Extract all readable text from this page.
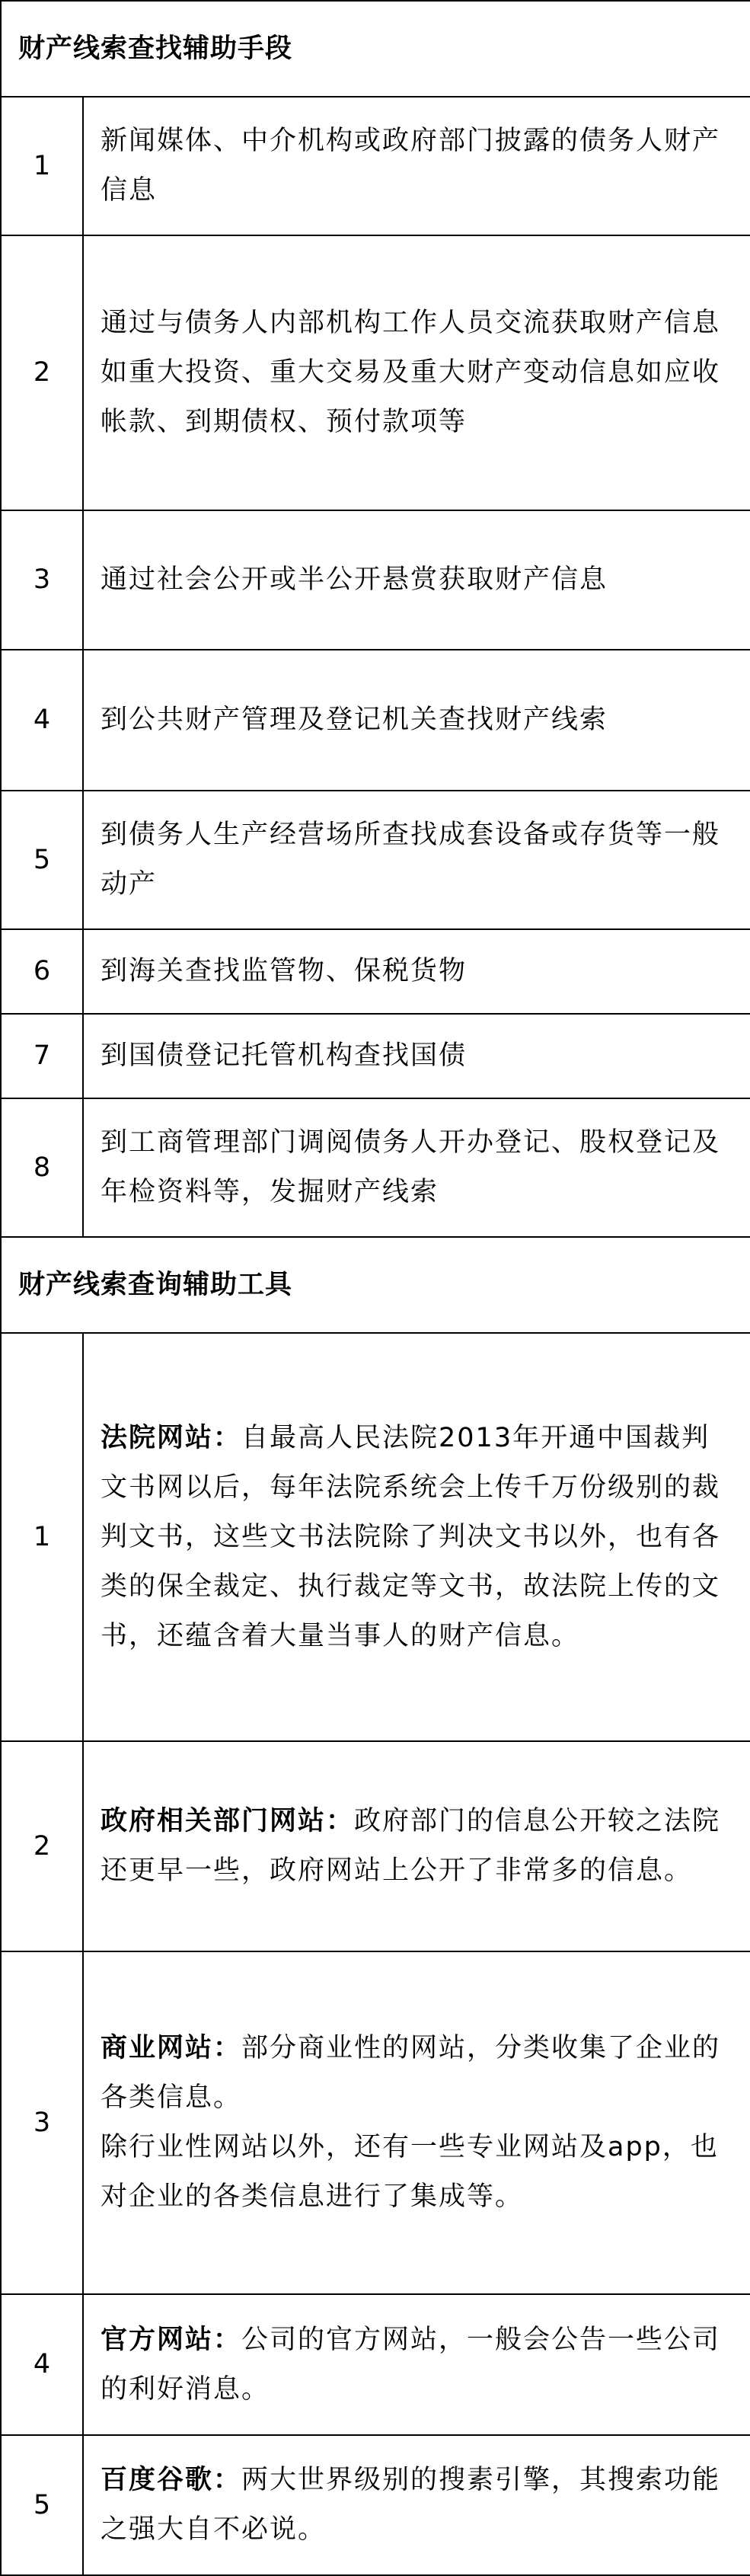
财产线索查找辅助手段	
1	新闻媒体、中介机构或政府部门披露的债务人财产信息
2	通过与债务人内部机构工作人员交流获取财产信息如重大投资、重大交易及重大财产变动信息如应收帐款、到期债权、预付款项等
3	通过社会公开或半公开悬赏获取财产信息
4	到公共财产管理及登记机关查找财产线索
5	到债务人生产经营场所查找成套设备或存货等一般动产
6	到海关查找监管物、保税货物
7	到国债登记托管机构查找国债
8	到工商管理部门调阅债务人开办登记、股权登记及年检资料等，发掘财产线索
财产线索查询辅助工具	
1	法院网站：自最高人民法院2013年开通中国裁判文书网以后，每年法院系统会上传千万份级别的裁判文书，这些文书法院除了判决文书以外，也有各类的保全裁定、执行裁定等文书，故法院上传的文书，还蕴含着大量当事人的财产信息。
2	政府相关部门网站：政府部门的信息公开较之法院还更早一些，政府网站上公开了非常多的信息。
3	商业网站：部分商业性的网站，分类收集了企业的各类信息。
除行业性网站以外，还有一些专业网站及app，也对企业的各类信息进行了集成等。

4	官方网站：公司的官方网站，一般会公告一些公司的利好消息。
5	百度谷歌：两大世界级别的搜素引擎，其搜索功能之强大自不必说。
